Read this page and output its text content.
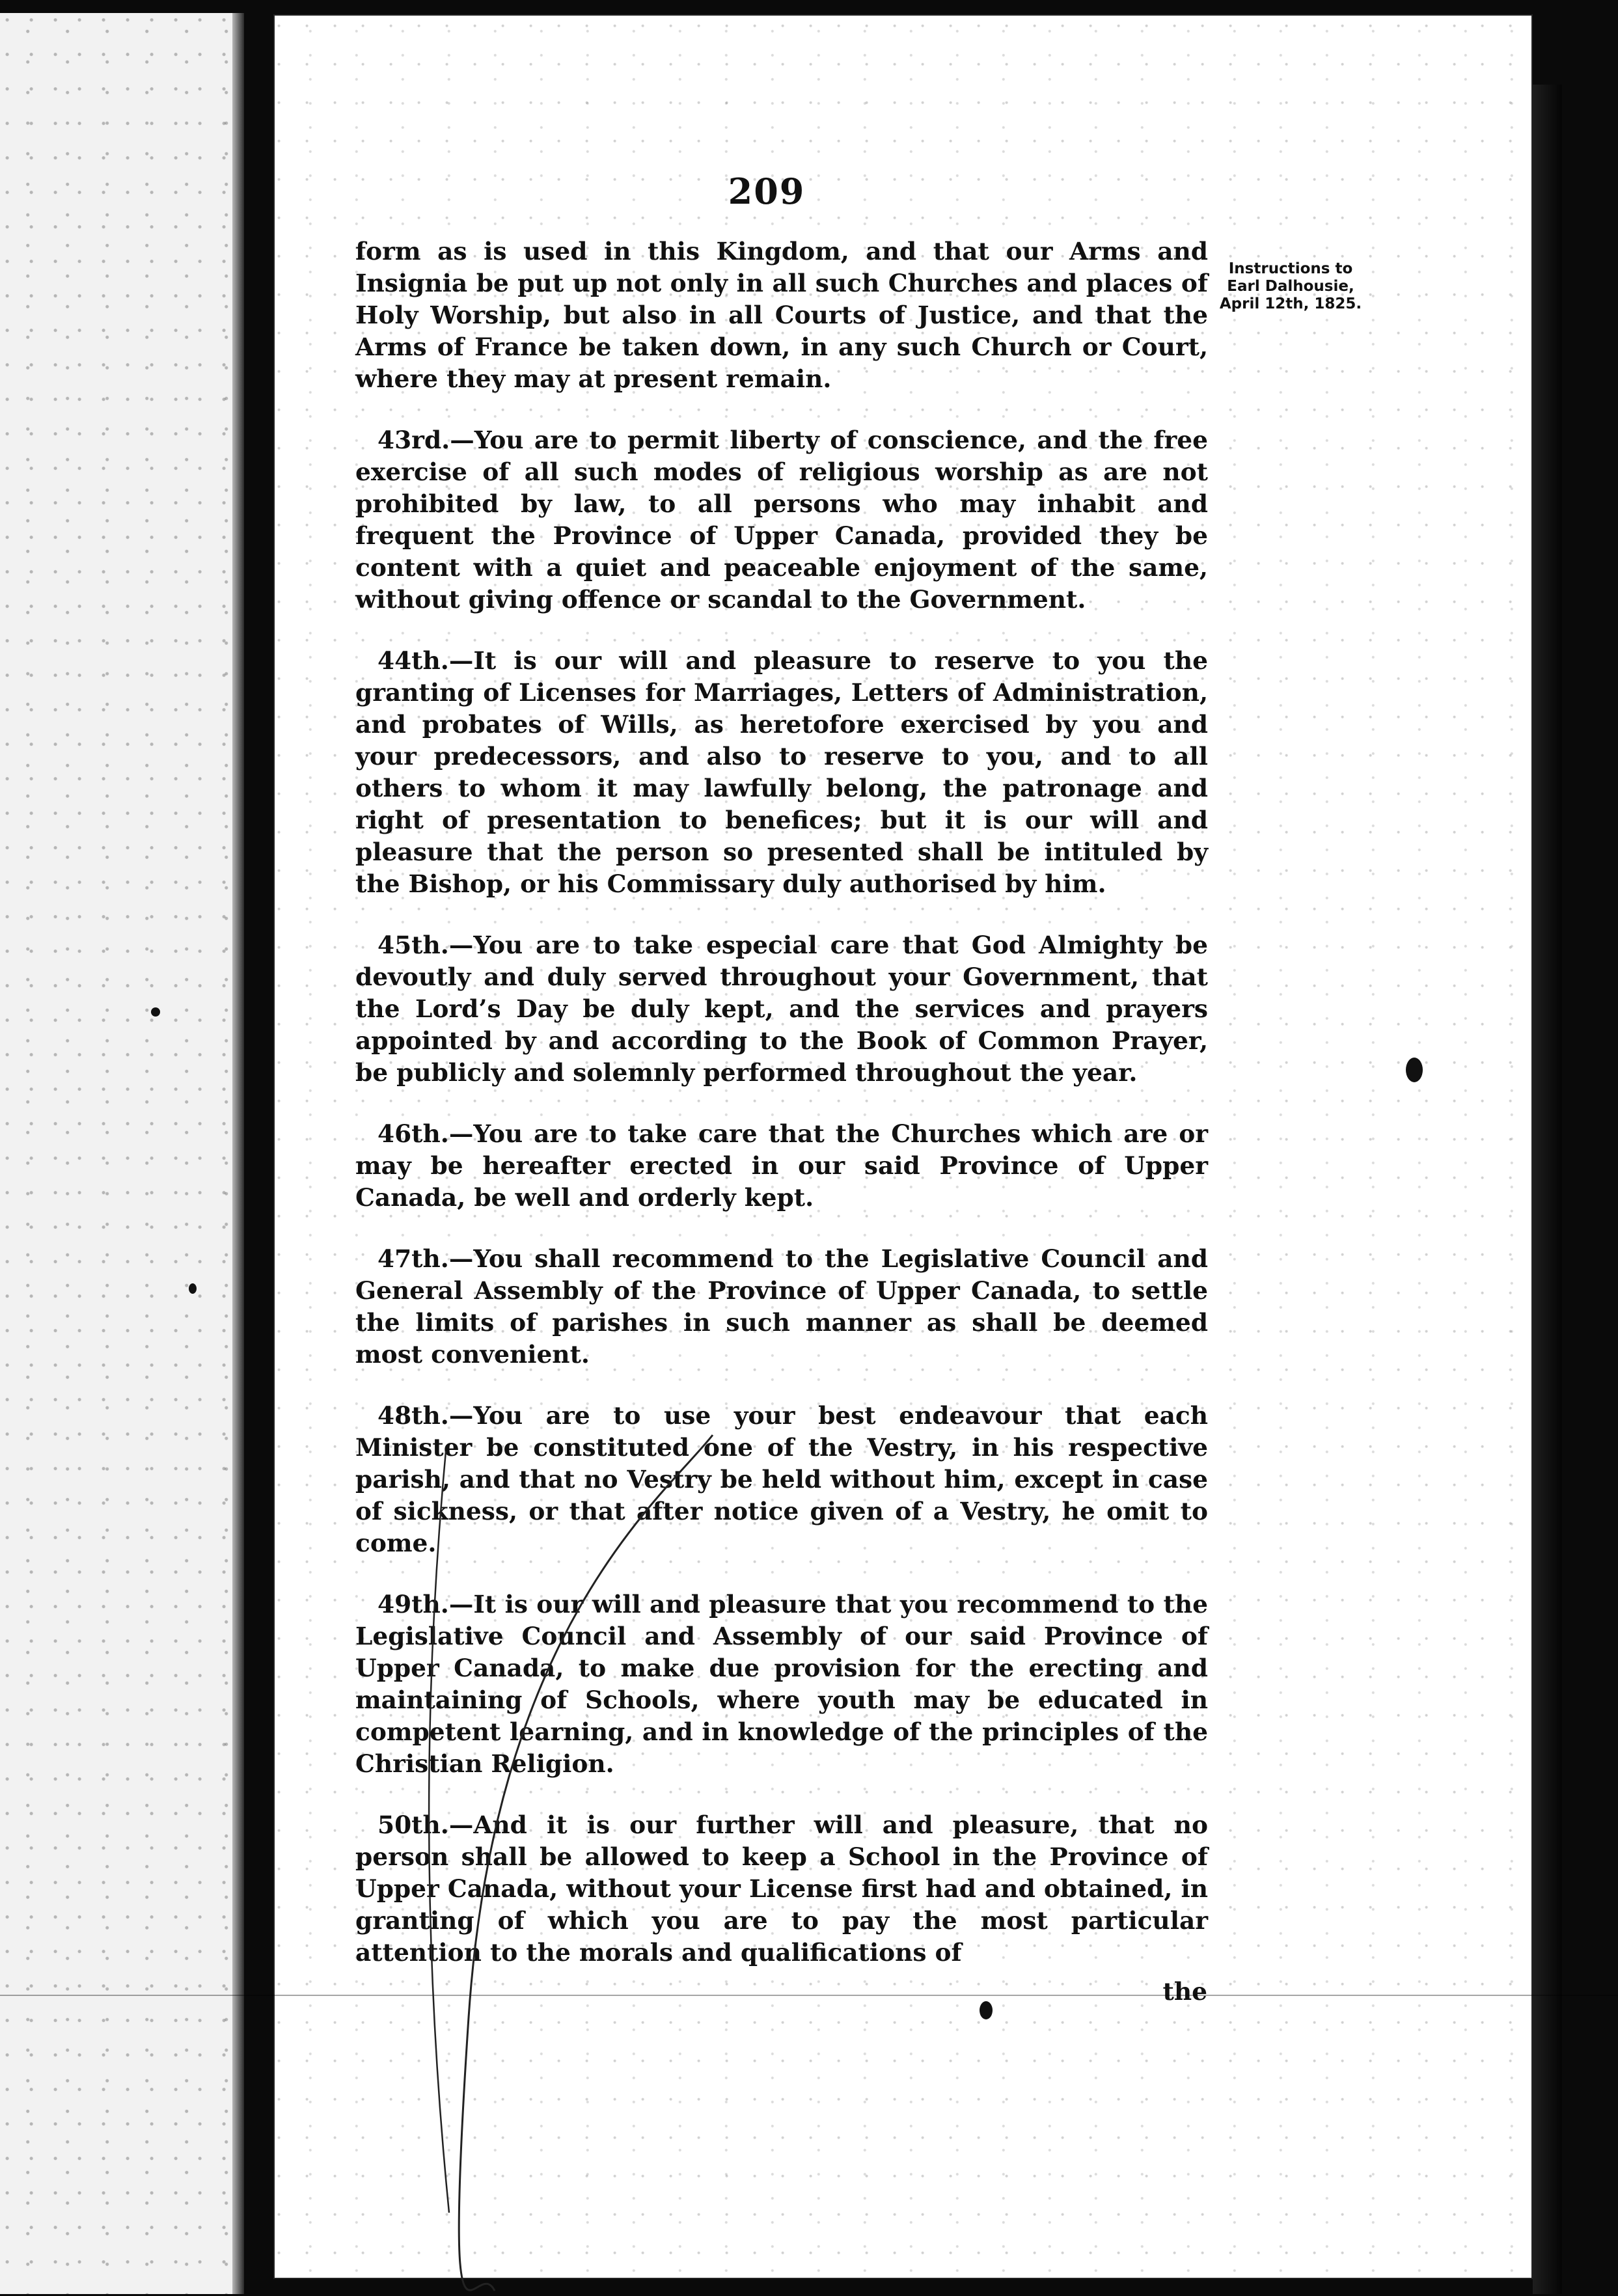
209
Instructions to
Earl Dalhousie,
April 12th, 1825.

form as is used in this Kingdom, and that our Arms and Insignia be put up not only in all such Churches and places of Holy Worship, but also in all Courts of Justice, and that the Arms of France be taken down, in any such Church or Court, where they may at present remain.

43rd.—You are to permit liberty of conscience, and the free exercise of all such modes of religious worship as are not prohibited by law, to all persons who may inhabit and frequent the Province of Upper Canada, provided they be content with a quiet and peaceable enjoyment of the same, without giving offence or scandal to the Government.

44th.—It is our will and pleasure to reserve to you the granting of Licenses for Marriages, Letters of Administration, and probates of Wills, as heretofore exercised by you and your predecessors, and also to reserve to you, and to all others to whom it may lawfully belong, the patronage and right of presentation to benefices; but it is our will and pleasure that the person so presented shall be intituled by the Bishop, or his Commissary duly authorised by him.

45th.—You are to take especial care that God Almighty be devoutly and duly served throughout your Government, that the Lord’s Day be duly kept, and the services and prayers appointed by and according to the Book of Common Prayer, be publicly and solemnly performed throughout the year.

46th.—You are to take care that the Churches which are or may be hereafter erected in our said Province of Upper Canada, be well and orderly kept.

47th.—You shall recommend to the Legislative Council and General Assembly of the Province of Upper Canada, to settle the limits of parishes in such manner as shall be deemed most convenient.

48th.—You are to use your best endeavour that each Minister be constituted one of the Vestry, in his respective parish, and that no Vestry be held without him, except in case of sickness, or that after notice given of a Vestry, he omit to come.

49th.—It is our will and pleasure that you recommend to the Legislative Council and Assembly of our said Province of Upper Canada, to make due provision for the erecting and maintaining of Schools, where youth may be educated in competent learning, and in knowledge of the principles of the Christian Religion.

50th.—And it is our further will and pleasure, that no person shall be allowed to keep a School in the Province of Upper Canada, without your License first had and obtained, in granting of which you are to pay the most particular attention to the morals and qualifications of

the
